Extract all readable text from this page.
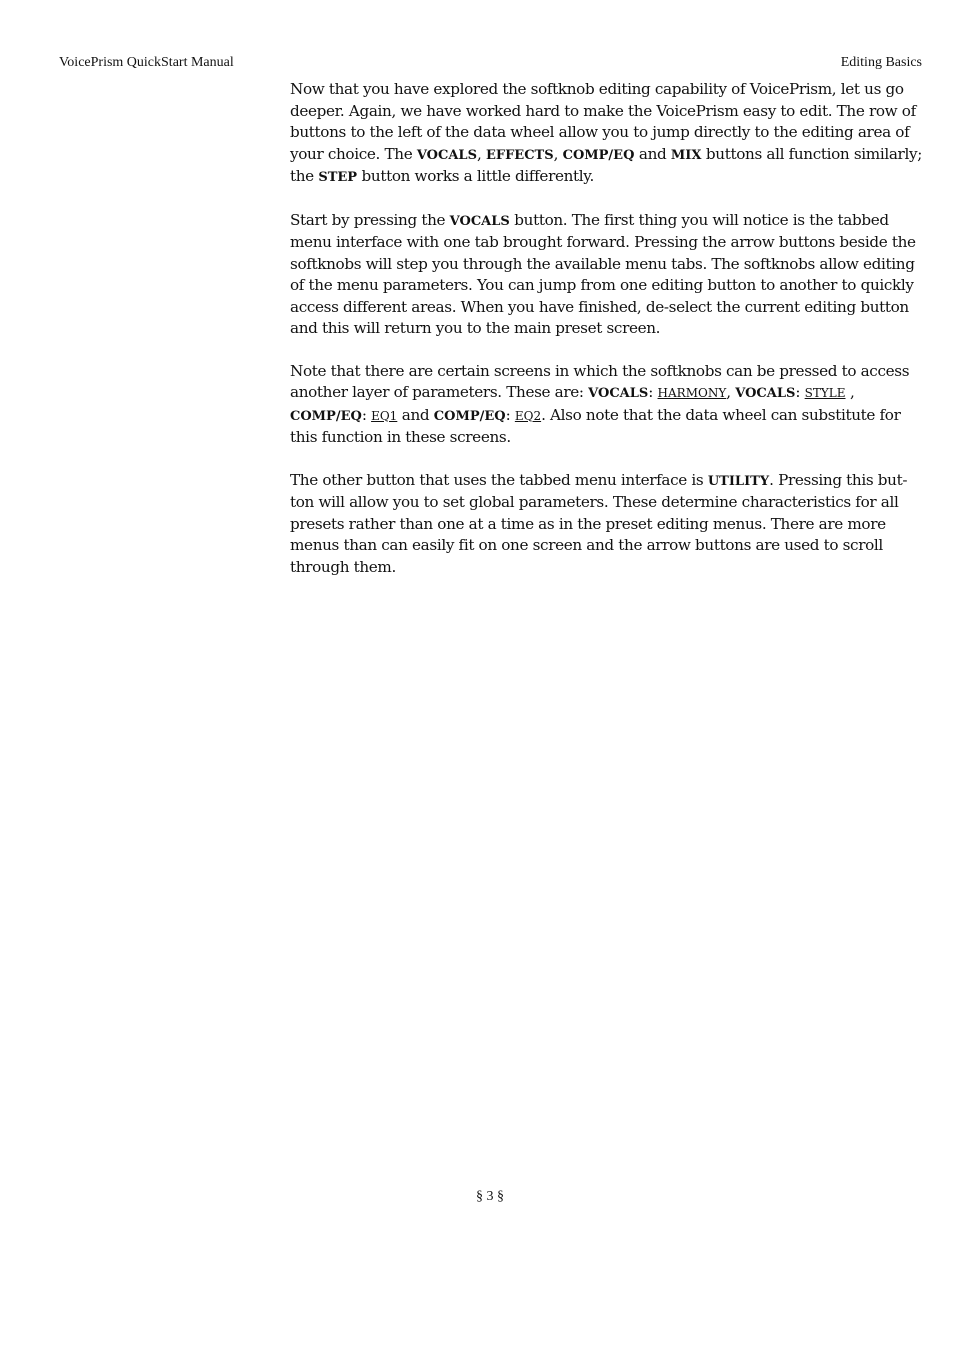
VoicePrism QuickStart Manual	Editing Basics

Now that you have explored the softknob editing capability of VoicePrism, let us go deeper. Again, we have worked hard to make the VoicePrism easy to edit. The row of buttons to the left of the data wheel allow you to jump directly to the editing area of your choice. The VOCALS, EFFECTS, COMP/EQ and MIX buttons all function similarly; the STEP button works a little differently.

Start by pressing the VOCALS button. The first thing you will notice is the tabbed menu interface with one tab brought forward. Pressing the arrow buttons beside the softknobs will step you through the available menu tabs. The softknobs allow editing of the menu parameters. You can jump from one editing button to another to quickly access different areas. When you have finished, de-select the current editing button and this will return you to the main preset screen.

Note that there are certain screens in which the softknobs can be pressed to access another layer of parameters. These are: VOCALS: HARMONY, VOCALS: STYLE , COMP/EQ: EQ1 and COMP/EQ: EQ2. Also note that the data wheel can substitute for this function in these screens.

The other button that uses the tabbed menu interface is UTILITY. Pressing this button will allow you to set global parameters. These determine characteristics for all presets rather than one at a time as in the preset editing menus. There are more menus than can easily fit on one screen and the arrow buttons are used to scroll through them.

§ 3 §
